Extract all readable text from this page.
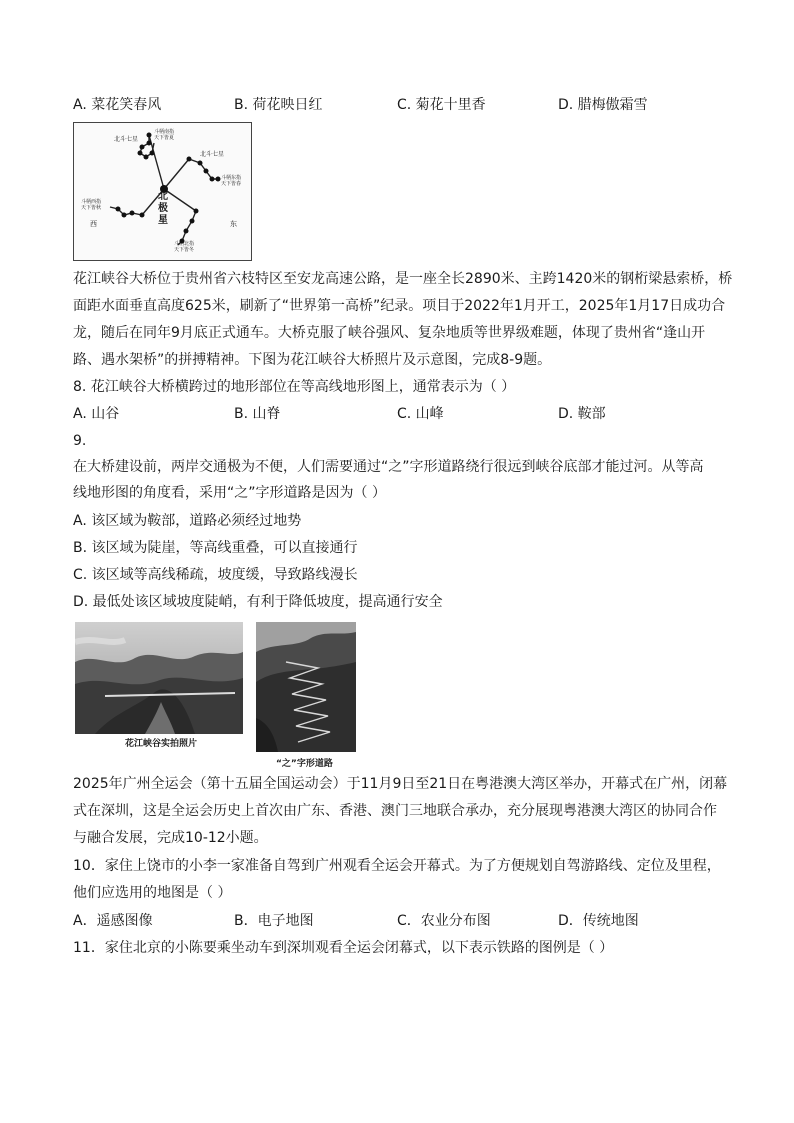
A. 菜花笑春风	B. 荷花映日红	C. 菊花十里香	D. 腊梅傲霜雪
北斗七星
斗柄南指
天下皆夏
北斗七星
斗柄东指
天下皆春
斗柄西指
天下皆秋
斗柄北指
天下皆冬
北
极
星
西	东
花江峡谷大桥位于贵州省六枝特区至安龙高速公路，是一座全长2890米、主跨1420米的钢桁梁悬索桥，桥
面距水面垂直高度625米，刷新了“世界第一高桥”纪录。项目于2022年1月开工，2025年1月17日成功合
龙，随后在同年9月底正式通车。大桥克服了峡谷强风、复杂地质等世界级难题，体现了贵州省“逢山开
路、遇水架桥”的拼搏精神。下图为花江峡谷大桥照片及示意图，完成8-9题。
8. 花江峡谷大桥横跨过的地形部位在等高线地形图上，通常表示为（ ）
A. 山谷	B. 山脊	C. 山峰	D. 鞍部
9.
在大桥建设前，两岸交通极为不便，人们需要通过“之”字形道路绕行很远到峡谷底部才能过河。从等高
线地形图的角度看，采用“之”字形道路是因为（ ）
A. 该区域为鞍部，道路必须经过地势
B. 该区域为陡崖，等高线重叠，可以直接通行
C. 该区域等高线稀疏，坡度缓，导致路线漫长
D. 最低处该区域坡度陡峭，有利于降低坡度，提高通行安全
花江峡谷实拍照片
“之”字形道路
2025年广州全运会（第十五届全国运动会）于11月9日至21日在粤港澳大湾区举办，开幕式在广州，闭幕
式在深圳，这是全运会历史上首次由广东、香港、澳门三地联合承办，充分展现粤港澳大湾区的协同合作
与融合发展，完成10-12小题。
10．家住上饶市的小李一家准备自驾到广州观看全运会开幕式。为了方便规划自驾游路线、定位及里程，
他们应选用的地图是（ ）
A．遥感图像	B．电子地图	C．农业分布图	D．传统地图
11．家住北京的小陈要乘坐动车到深圳观看全运会闭幕式，以下表示铁路的图例是（ ）
